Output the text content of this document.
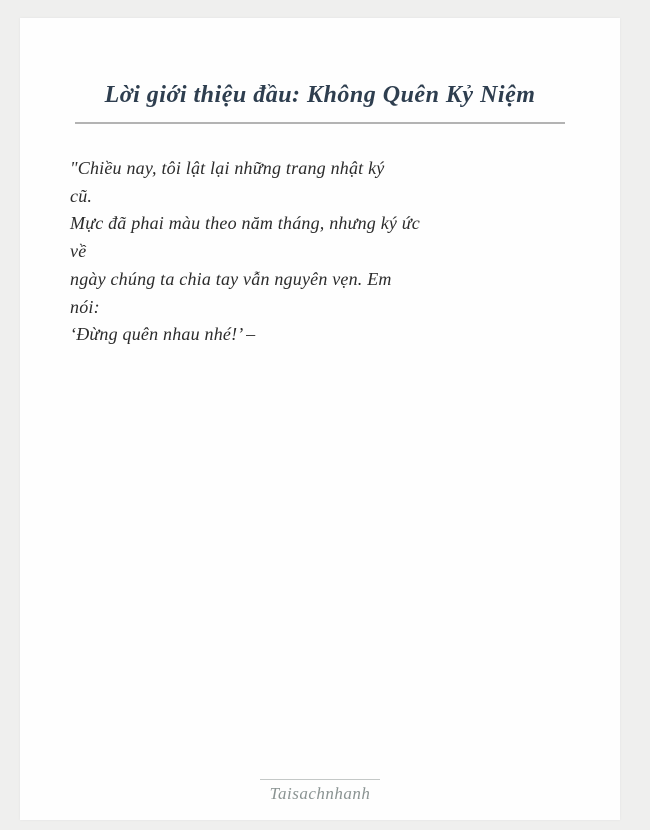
Lời giới thiệu đầu: Không Quên Kỷ Niệm
"Chiều nay, tôi lật lại những trang nhật ký
cũ.
Mực đã phai màu theo năm tháng, nhưng ký ức
về
ngày chúng ta chia tay vẫn nguyên vẹn. Em
nói:
‘Đừng quên nhau nhé!’ –
Taisachnhanh
